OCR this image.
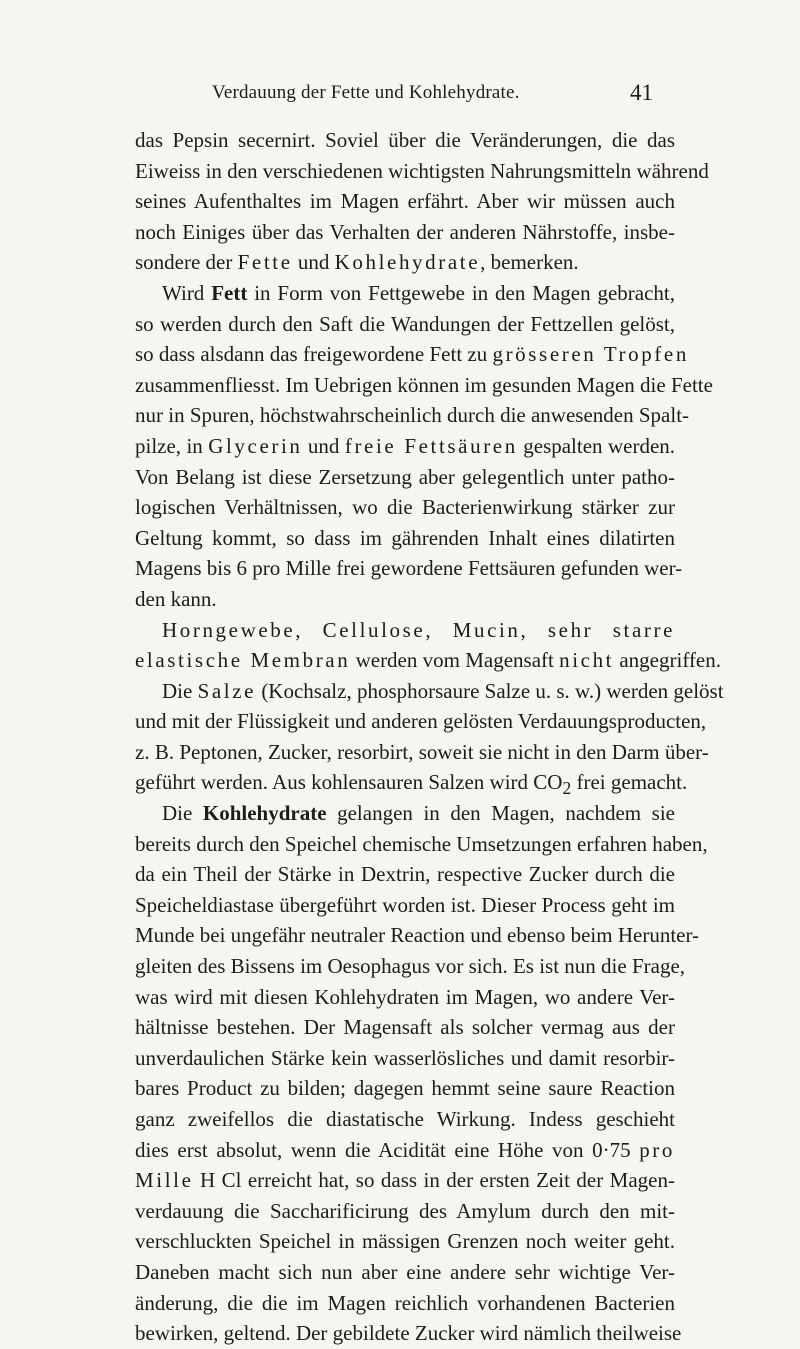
Verdauung der Fette und Kohlehydrate.	41
das Pepsin secernirt. Soviel über die Veränderungen, die das
Eiweiss in den verschiedenen wichtigsten Nahrungsmitteln während
seines Aufenthaltes im Magen erfährt. Aber wir müssen auch
noch Einiges über das Verhalten der anderen Nährstoffe, insbe-
sondere der Fette und Kohlehydrate, bemerken.
Wird Fett in Form von Fettgewebe in den Magen gebracht,
so werden durch den Saft die Wandungen der Fettzellen gelöst,
so dass alsdann das freigewordene Fett zu grösseren Tropfen
zusammenfliesst. Im Uebrigen können im gesunden Magen die Fette
nur in Spuren, höchstwahrscheinlich durch die anwesenden Spalt-
pilze, in Glycerin und freie Fettsäuren gespalten werden.
Von Belang ist diese Zersetzung aber gelegentlich unter patho-
logischen Verhältnissen, wo die Bacterienwirkung stärker zur
Geltung kommt, so dass im gährenden Inhalt eines dilatirten
Magens bis 6 pro Mille frei gewordene Fettsäuren gefunden wer-
den kann.
Horngewebe, Cellulose, Mucin, sehr starre
elastische Membran werden vom Magensaft nicht angegriffen.
Die Salze (Kochsalz, phosphorsaure Salze u. s. w.) werden gelöst
und mit der Flüssigkeit und anderen gelösten Verdauungsproducten,
z. B. Peptonen, Zucker, resorbirt, soweit sie nicht in den Darm über-
geführt werden. Aus kohlensauren Salzen wird $CO_2$ frei gemacht.
Die Kohlehydrate gelangen in den Magen, nachdem sie
bereits durch den Speichel chemische Umsetzungen erfahren haben,
da ein Theil der Stärke in Dextrin, respective Zucker durch die
Speicheldiastase übergeführt worden ist. Dieser Process geht im
Munde bei ungefähr neutraler Reaction und ebenso beim Herunter-
gleiten des Bissens im Oesophagus vor sich. Es ist nun die Frage,
was wird mit diesen Kohlehydraten im Magen, wo andere Ver-
hältnisse bestehen. Der Magensaft als solcher vermag aus der
unverdaulichen Stärke kein wasserlösliches und damit resorbir-
bares Product zu bilden; dagegen hemmt seine saure Reaction
ganz zweifellos die diastatische Wirkung. Indess geschieht
dies erst absolut, wenn die Acidität eine Höhe von 0·75 pro
Mille H Cl erreicht hat, so dass in der ersten Zeit der Magen-
verdauung die Saccharificirung des Amylum durch den mit-
verschluckten Speichel in mässigen Grenzen noch weiter geht.
Daneben macht sich nun aber eine andere sehr wichtige Ver-
änderung, die die im Magen reichlich vorhandenen Bacterien
bewirken, geltend. Der gebildete Zucker wird nämlich theilweise
